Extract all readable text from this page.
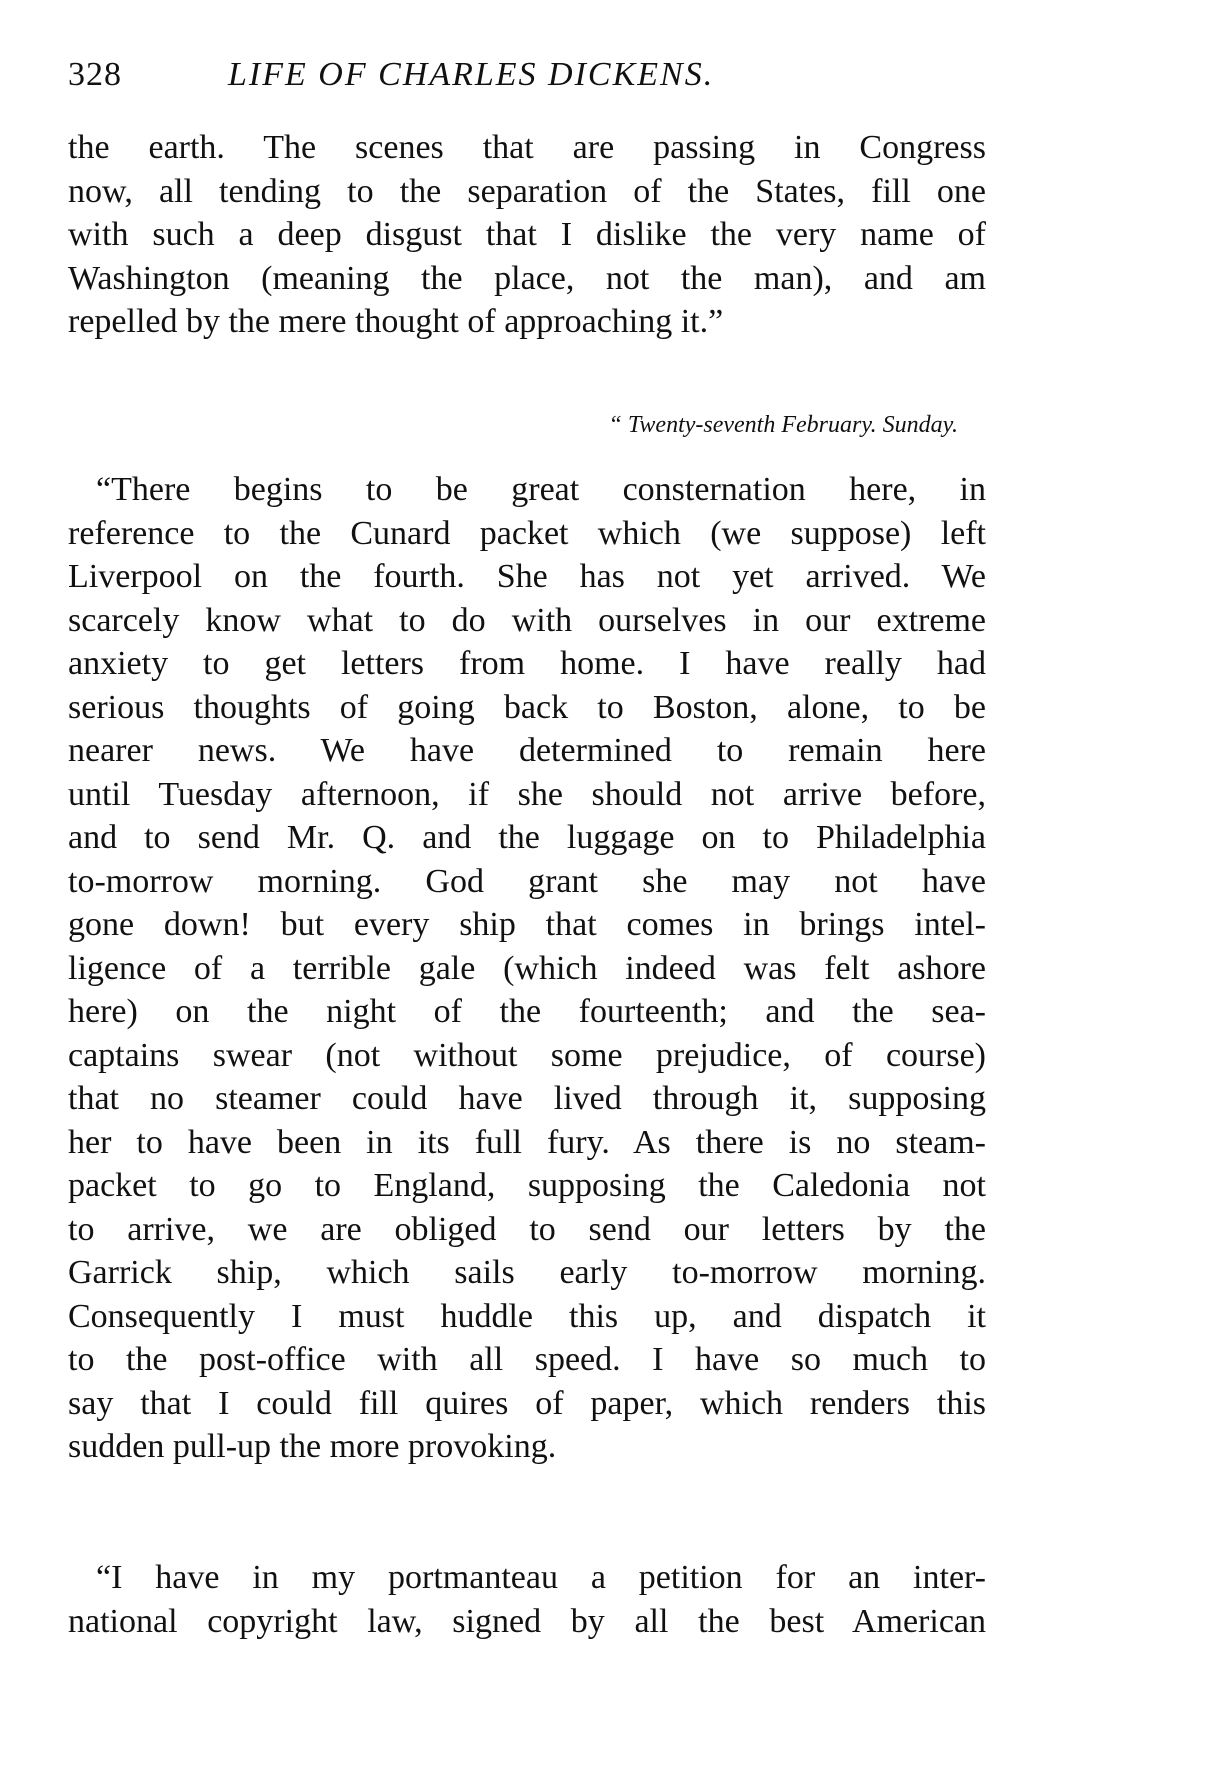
328	LIFE OF CHARLES DICKENS.
the earth. The scenes that are passing in Congress
now, all tending to the separation of the States, fill one
with such a deep disgust that I dislike the very name of
Washington (meaning the place, not the man), and am
repelled by the mere thought of approaching it.”
“ Twenty-seventh February. Sunday.
“There begins to be great consternation here, in
reference to the Cunard packet which (we suppose) left
Liverpool on the fourth. She has not yet arrived. We
scarcely know what to do with ourselves in our extreme
anxiety to get letters from home. I have really had
serious thoughts of going back to Boston, alone, to be
nearer news. We have determined to remain here
until Tuesday afternoon, if she should not arrive before,
and to send Mr. Q. and the luggage on to Philadelphia
to-morrow morning. God grant she may not have
gone down! but every ship that comes in brings intel-
ligence of a terrible gale (which indeed was felt ashore
here) on the night of the fourteenth; and the sea-
captains swear (not without some prejudice, of course)
that no steamer could have lived through it, supposing
her to have been in its full fury. As there is no steam-
packet to go to England, supposing the Caledonia not
to arrive, we are obliged to send our letters by the
Garrick ship, which sails early to-morrow morning.
Consequently I must huddle this up, and dispatch it
to the post-office with all speed. I have so much to
say that I could fill quires of paper, which renders this
sudden pull-up the more provoking.
“I have in my portmanteau a petition for an inter-
national copyright law, signed by all the best American
